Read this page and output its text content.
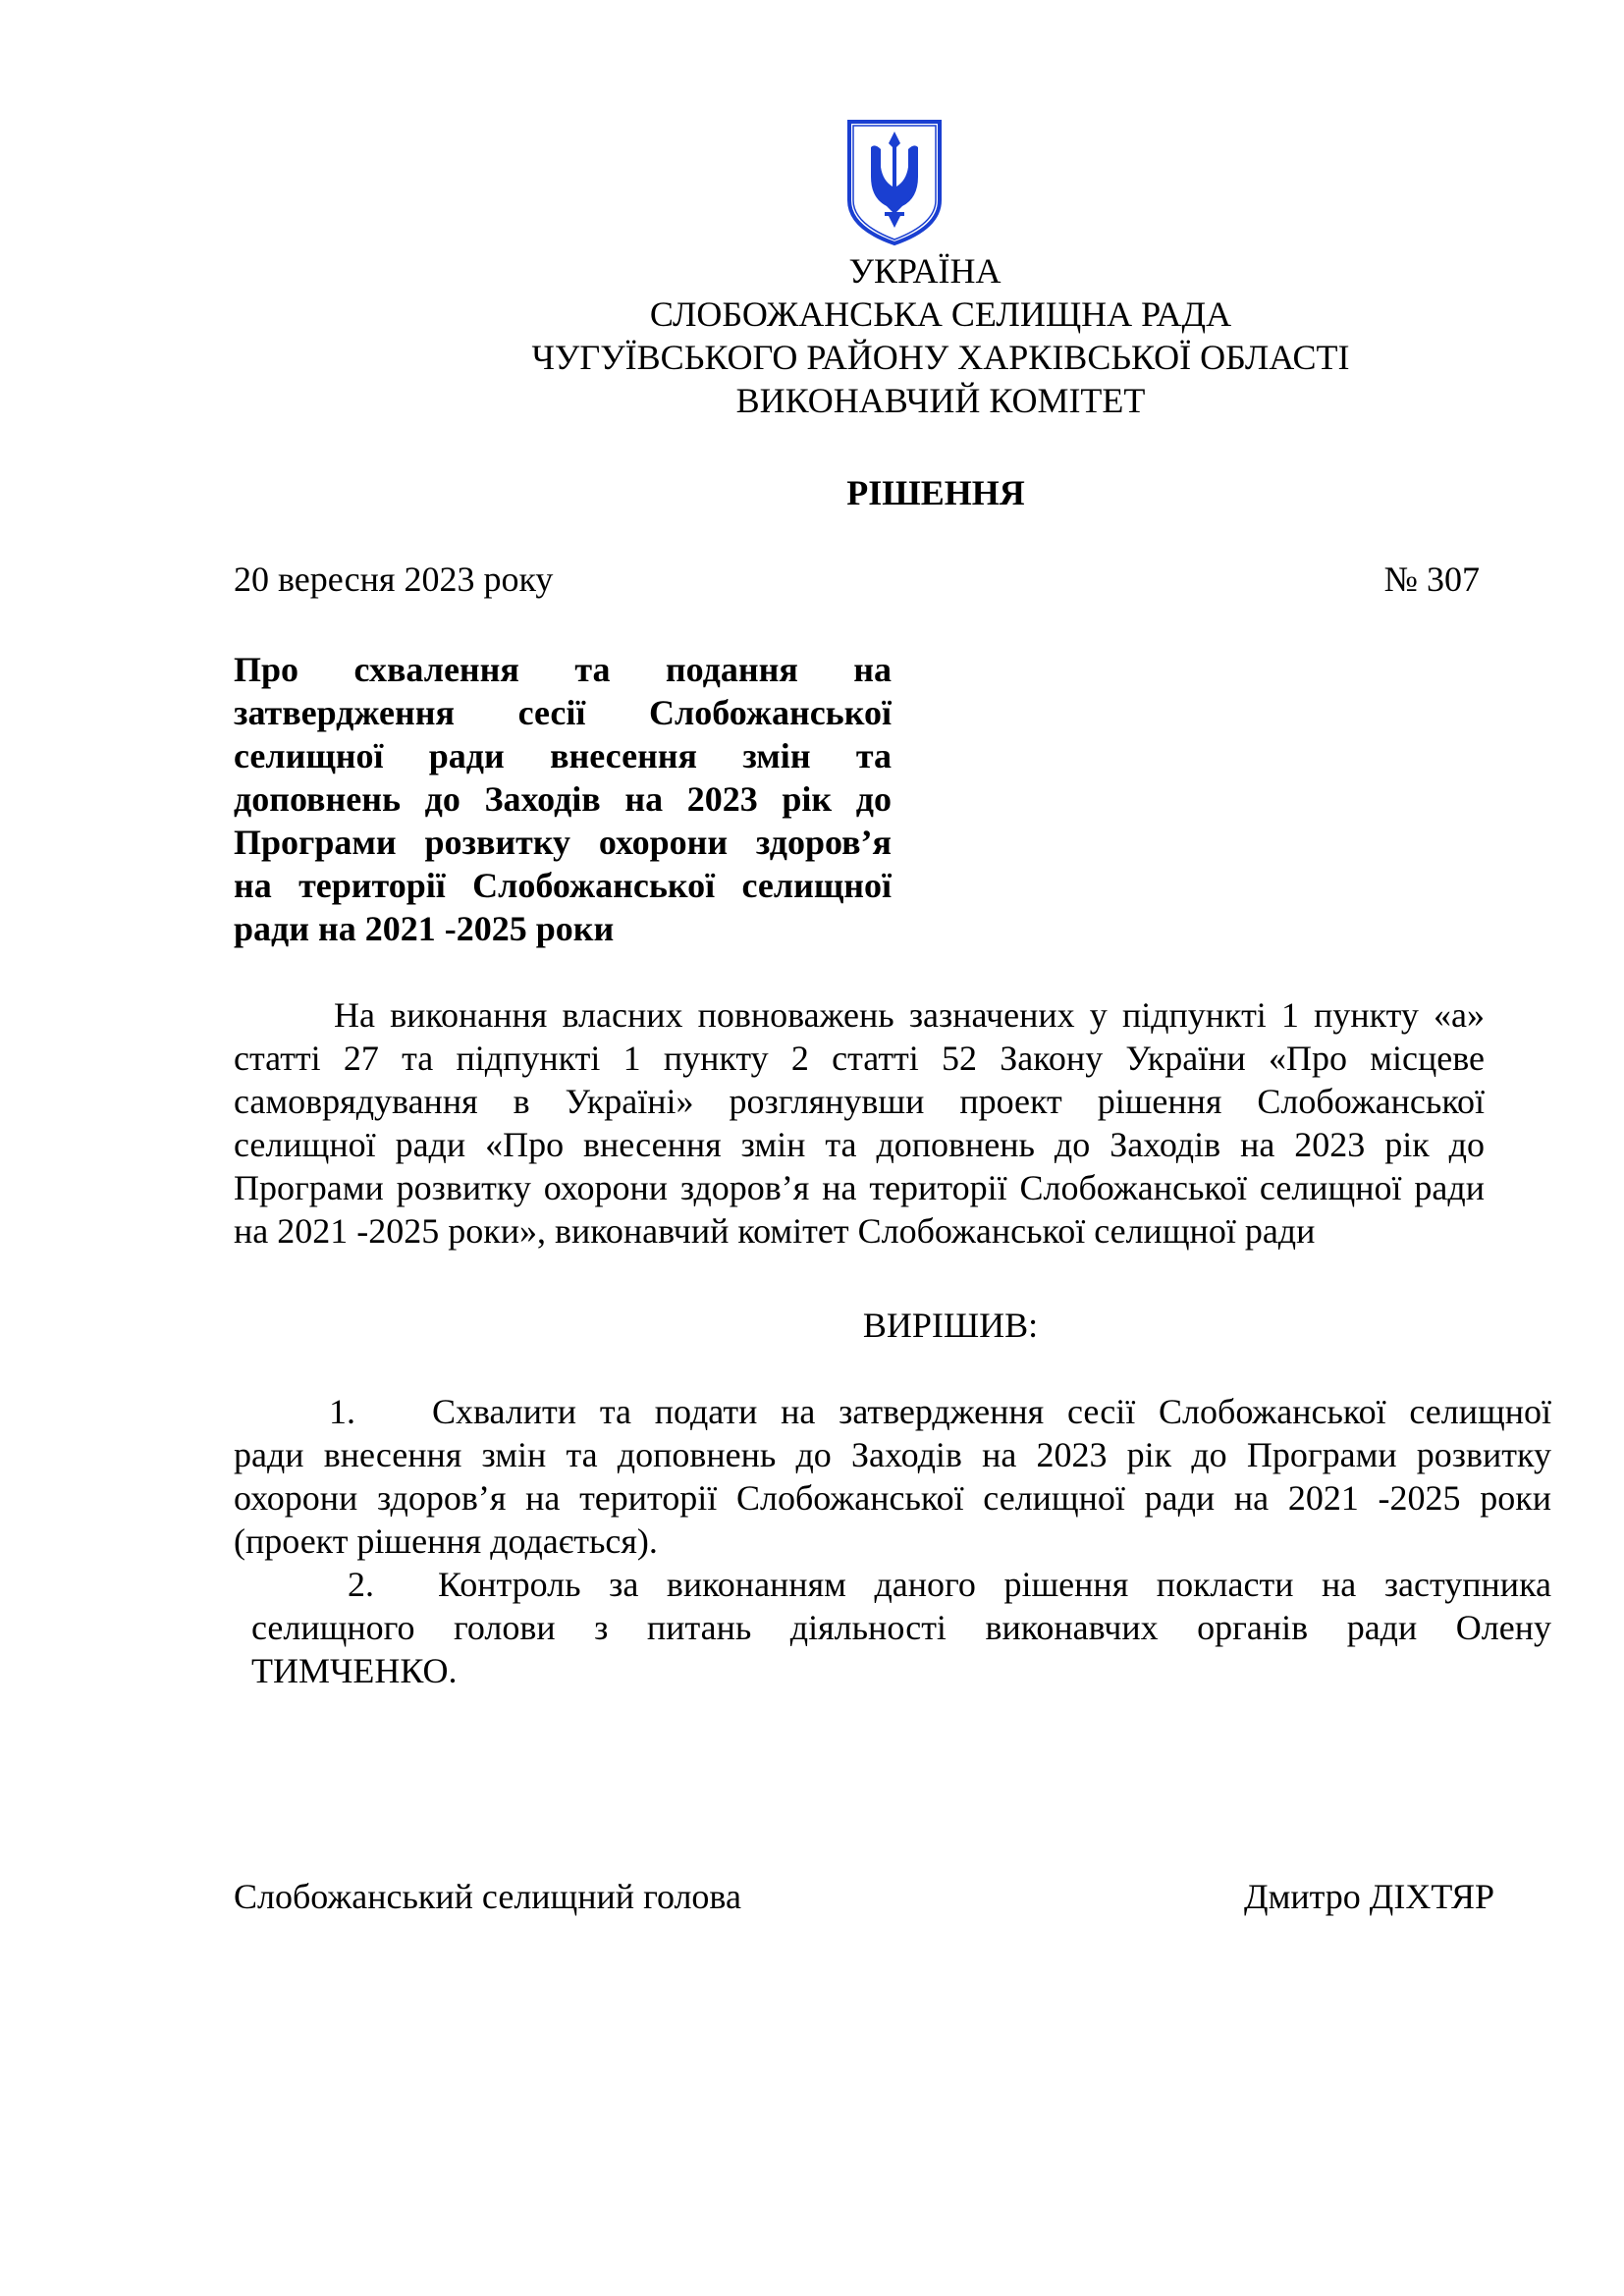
УКРАЇНА
СЛОБОЖАНСЬКА СЕЛИЩНА РАДА
ЧУГУЇВСЬКОГО РАЙОНУ ХАРКІВСЬКОЇ ОБЛАСТІ
ВИКОНАВЧИЙ КОМІТЕТ
РІШЕННЯ
20 вересня 2023 року	№ 307
Про схвалення та подання на
затвердження сесії Слобожанської
селищної ради внесення змін та
доповнень до Заходів на 2023 рік до
Програми розвитку охорони здоров’я
на території Слобожанської селищної
ради на 2021 -2025 роки
На виконання власних повноважень зазначених у підпункті 1 пункту «а»
статті 27 та підпункті 1 пункту 2 статті 52 Закону України «Про місцеве
самоврядування в Україні» розглянувши проект рішення Слобожанської
селищної ради «Про внесення змін та доповнень до Заходів на 2023 рік до
Програми розвитку охорони здоров’я на території Слобожанської селищної ради
на 2021 -2025 роки», виконавчий комітет Слобожанської селищної ради
ВИРІШИВ:
1.	Схвалити та подати на затвердження сесії Слобожанської селищної
ради внесення змін та доповнень до Заходів на 2023 рік до Програми розвитку
охорони здоров’я на території Слобожанської селищної ради на 2021 -2025 роки
(проект рішення додається).
2.	Контроль за виконанням даного рішення покласти на заступника
селищного голови з питань діяльності виконавчих органів ради Олену
ТИМЧЕНКО.
Слобожанський селищний голова	Дмитро ДІХТЯР
